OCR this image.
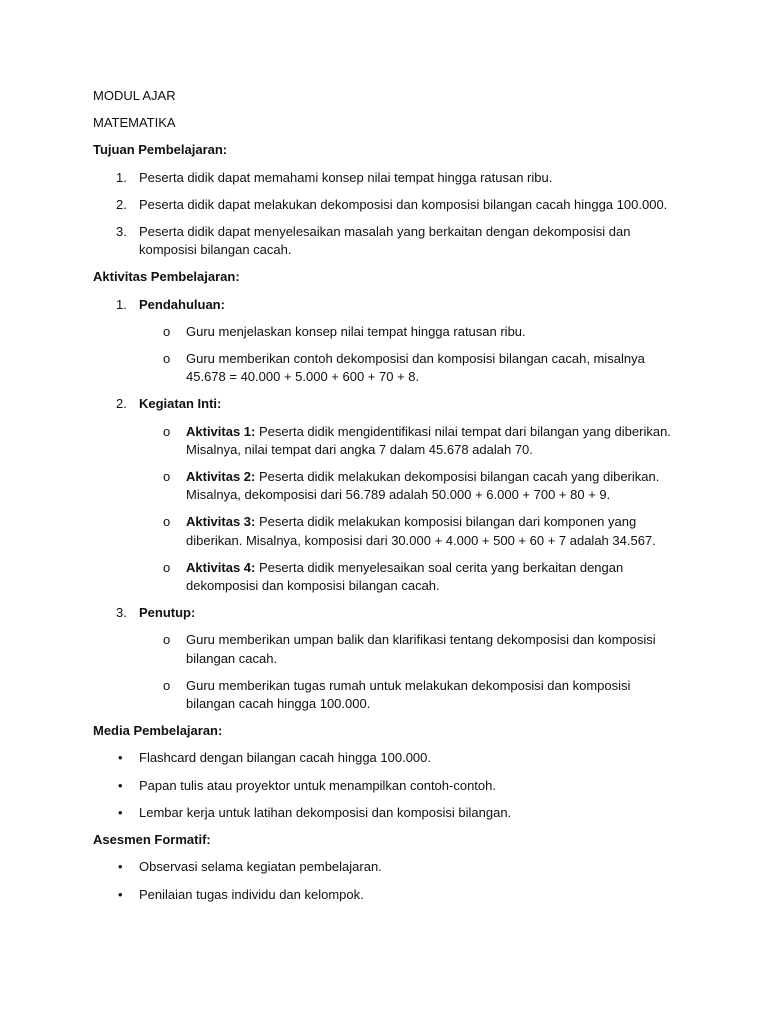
MODUL AJAR
MATEMATIKA
Tujuan Pembelajaran:
1. Peserta didik dapat memahami konsep nilai tempat hingga ratusan ribu.
2. Peserta didik dapat melakukan dekomposisi dan komposisi bilangan cacah hingga 100.000.
3. Peserta didik dapat menyelesaikan masalah yang berkaitan dengan dekomposisi dan
komposisi bilangan cacah.
Aktivitas Pembelajaran:
1. Pendahuluan:
o Guru menjelaskan konsep nilai tempat hingga ratusan ribu.
o Guru memberikan contoh dekomposisi dan komposisi bilangan cacah, misalnya
45.678 = 40.000 + 5.000 + 600 + 70 + 8.
2. Kegiatan Inti:
o Aktivitas 1: Peserta didik mengidentifikasi nilai tempat dari bilangan yang diberikan.
Misalnya, nilai tempat dari angka 7 dalam 45.678 adalah 70.
o Aktivitas 2: Peserta didik melakukan dekomposisi bilangan cacah yang diberikan.
Misalnya, dekomposisi dari 56.789 adalah 50.000 + 6.000 + 700 + 80 + 9.
o Aktivitas 3: Peserta didik melakukan komposisi bilangan dari komponen yang
diberikan. Misalnya, komposisi dari 30.000 + 4.000 + 500 + 60 + 7 adalah 34.567.
o Aktivitas 4: Peserta didik menyelesaikan soal cerita yang berkaitan dengan
dekomposisi dan komposisi bilangan cacah.
3. Penutup:
o Guru memberikan umpan balik dan klarifikasi tentang dekomposisi dan komposisi
bilangan cacah.
o Guru memberikan tugas rumah untuk melakukan dekomposisi dan komposisi
bilangan cacah hingga 100.000.
Media Pembelajaran:
• Flashcard dengan bilangan cacah hingga 100.000.
• Papan tulis atau proyektor untuk menampilkan contoh-contoh.
• Lembar kerja untuk latihan dekomposisi dan komposisi bilangan.
Asesmen Formatif:
• Observasi selama kegiatan pembelajaran.
• Penilaian tugas individu dan kelompok.
